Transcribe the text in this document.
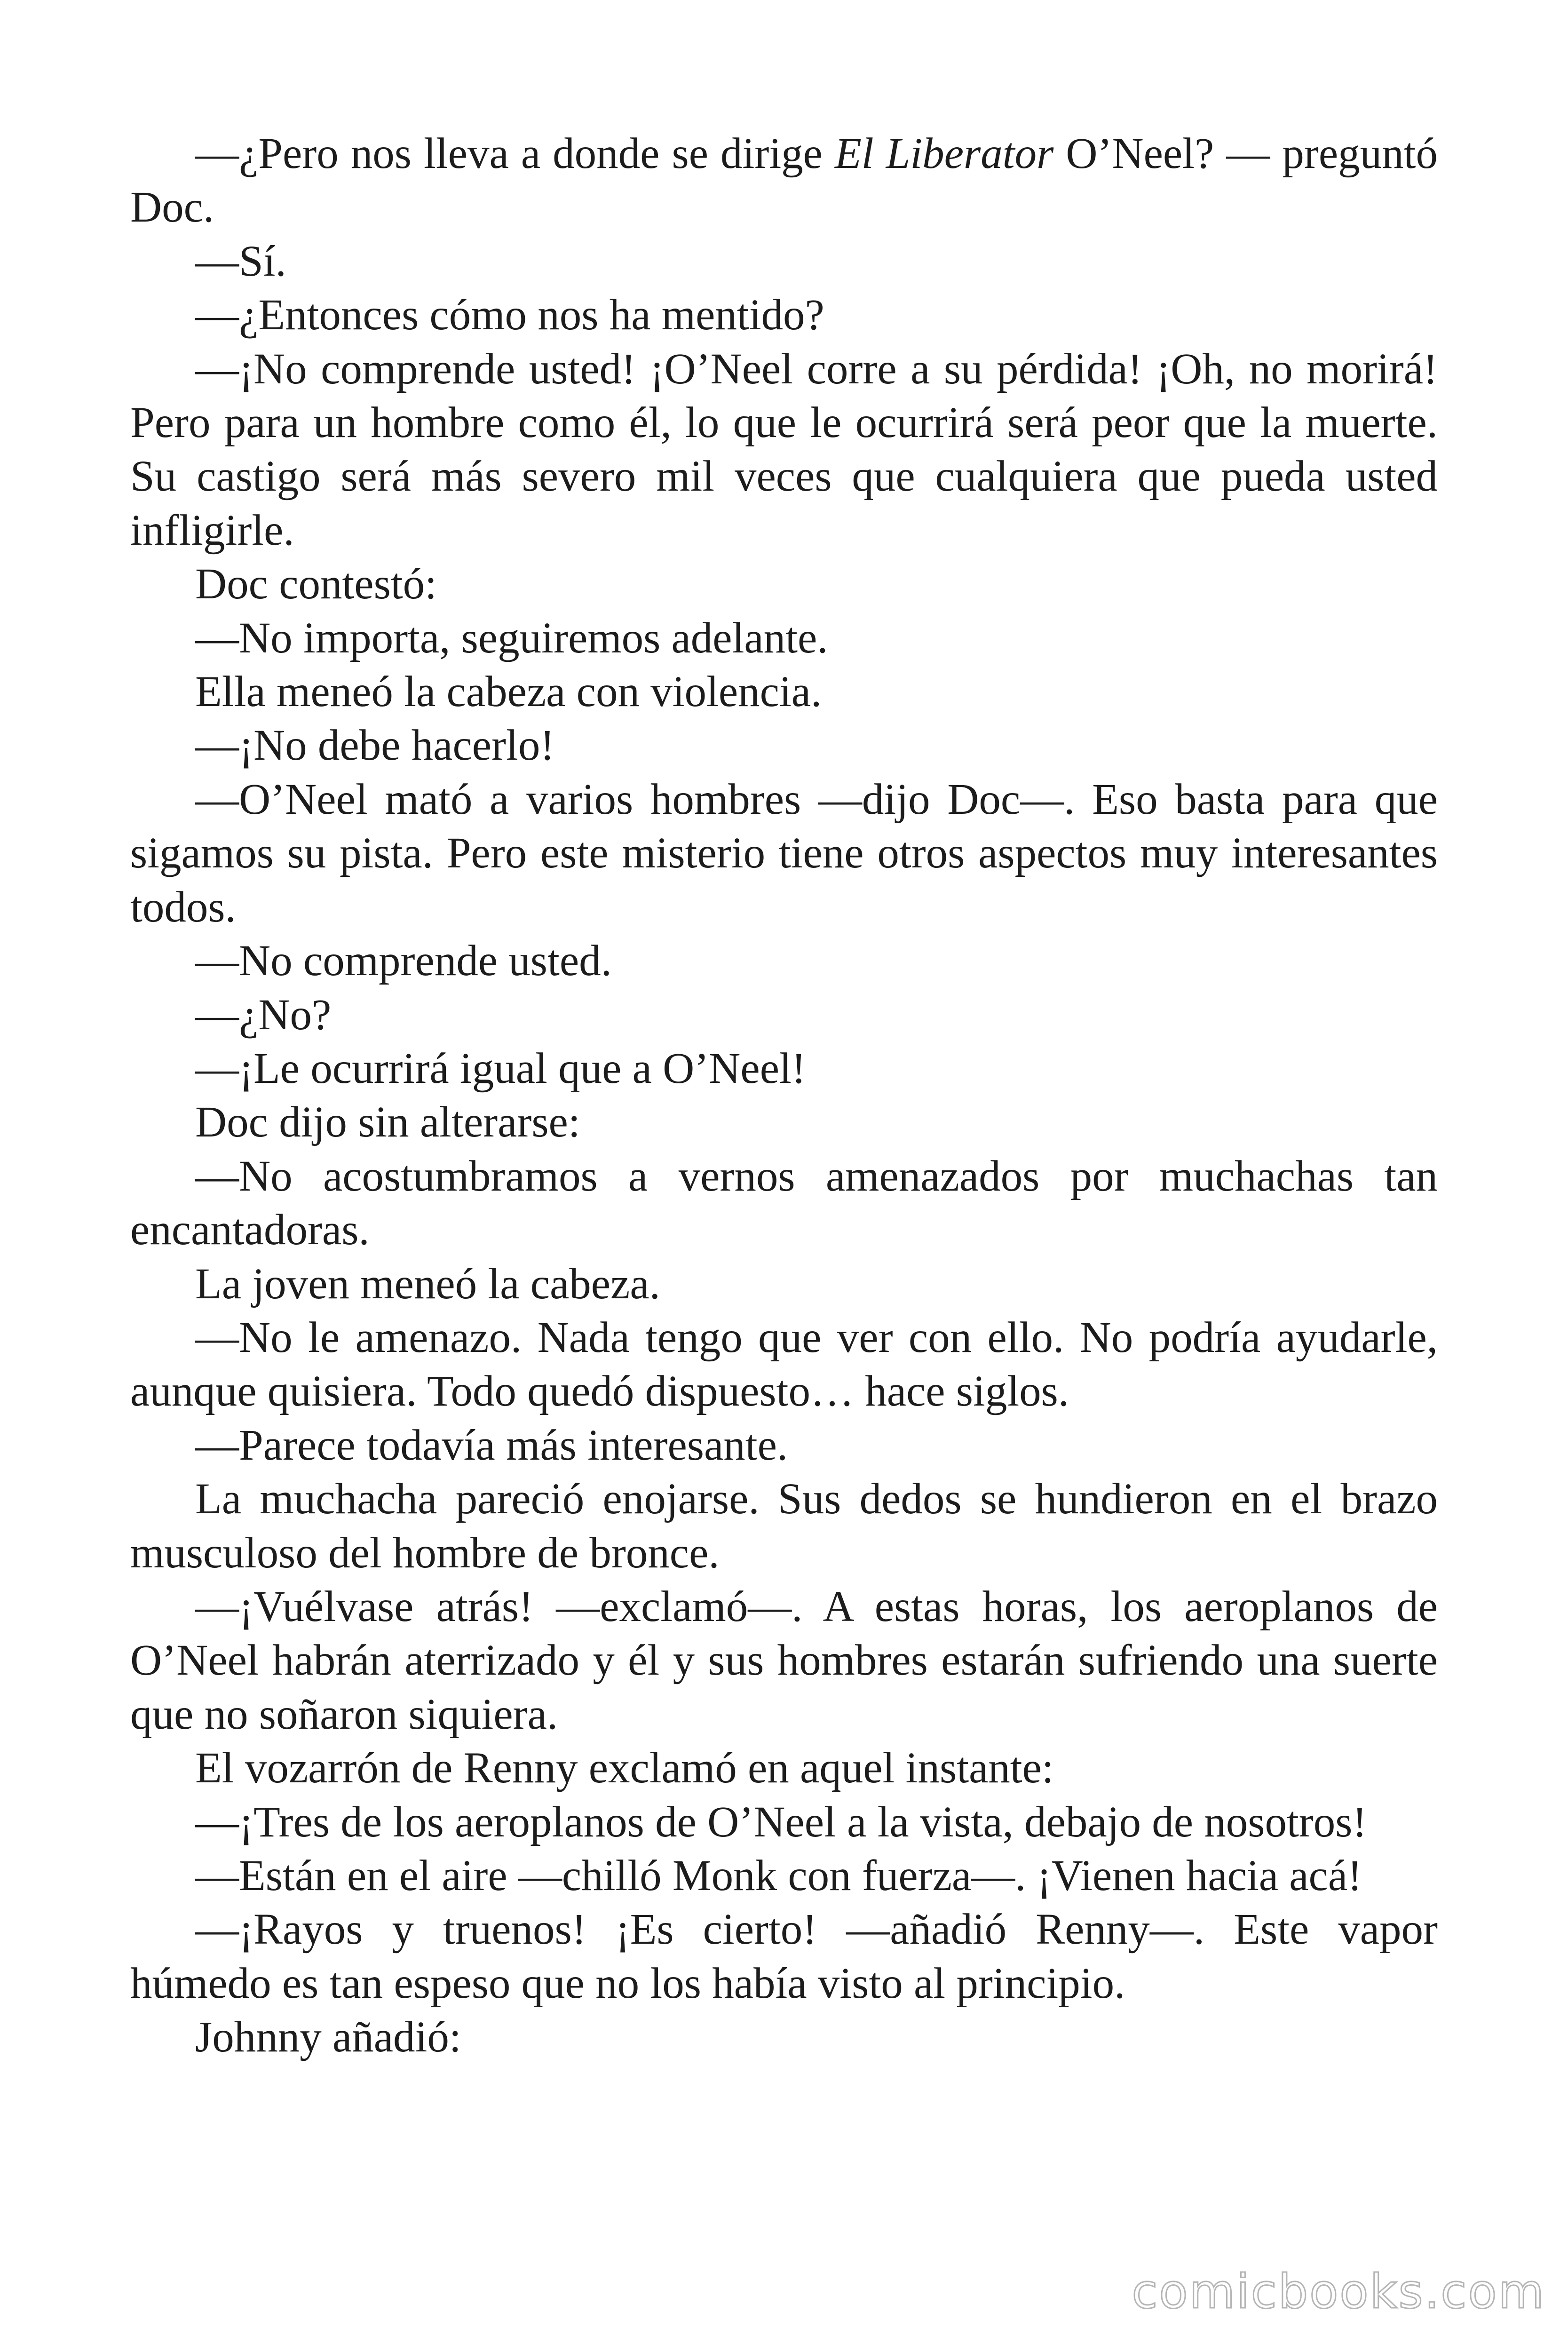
—¿Pero nos lleva a donde se dirige El Liberator O’Neel? — preguntó Doc.

—Sí.

—¿Entonces cómo nos ha mentido?

—¡No comprende usted! ¡O’Neel corre a su pérdida! ¡Oh, no morirá! Pero para un hombre como él, lo que le ocurrirá será peor que la muerte. Su castigo será más severo mil veces que cualquiera que pueda usted infligirle.

Doc contestó:

—No importa, seguiremos adelante.

Ella meneó la cabeza con violencia.

—¡No debe hacerlo!

—O’Neel mató a varios hombres —dijo Doc—. Eso basta para que sigamos su pista. Pero este misterio tiene otros aspectos muy interesantes todos.

—No comprende usted.

—¿No?

—¡Le ocurrirá igual que a O’Neel!

Doc dijo sin alterarse:

—No acostumbramos a vernos amenazados por muchachas tan encantadoras.

La joven meneó la cabeza.

—No le amenazo. Nada tengo que ver con ello. No podría ayudarle, aunque quisiera. Todo quedó dispuesto… hace siglos.

—Parece todavía más interesante.

La muchacha pareció enojarse. Sus dedos se hundieron en el brazo musculoso del hombre de bronce.

—¡Vuélvase atrás! —exclamó—. A estas horas, los aeroplanos de O’Neel habrán aterrizado y él y sus hombres estarán sufriendo una suerte que no soñaron siquiera.

El vozarrón de Renny exclamó en aquel instante:

—¡Tres de los aeroplanos de O’Neel a la vista, debajo de nosotros!

—Están en el aire —chilló Monk con fuerza—. ¡Vienen hacia acá!

—¡Rayos y truenos! ¡Es cierto! —añadió Renny—. Este vapor húmedo es tan espeso que no los había visto al principio.

Johnny añadió:

comicbooks.com
